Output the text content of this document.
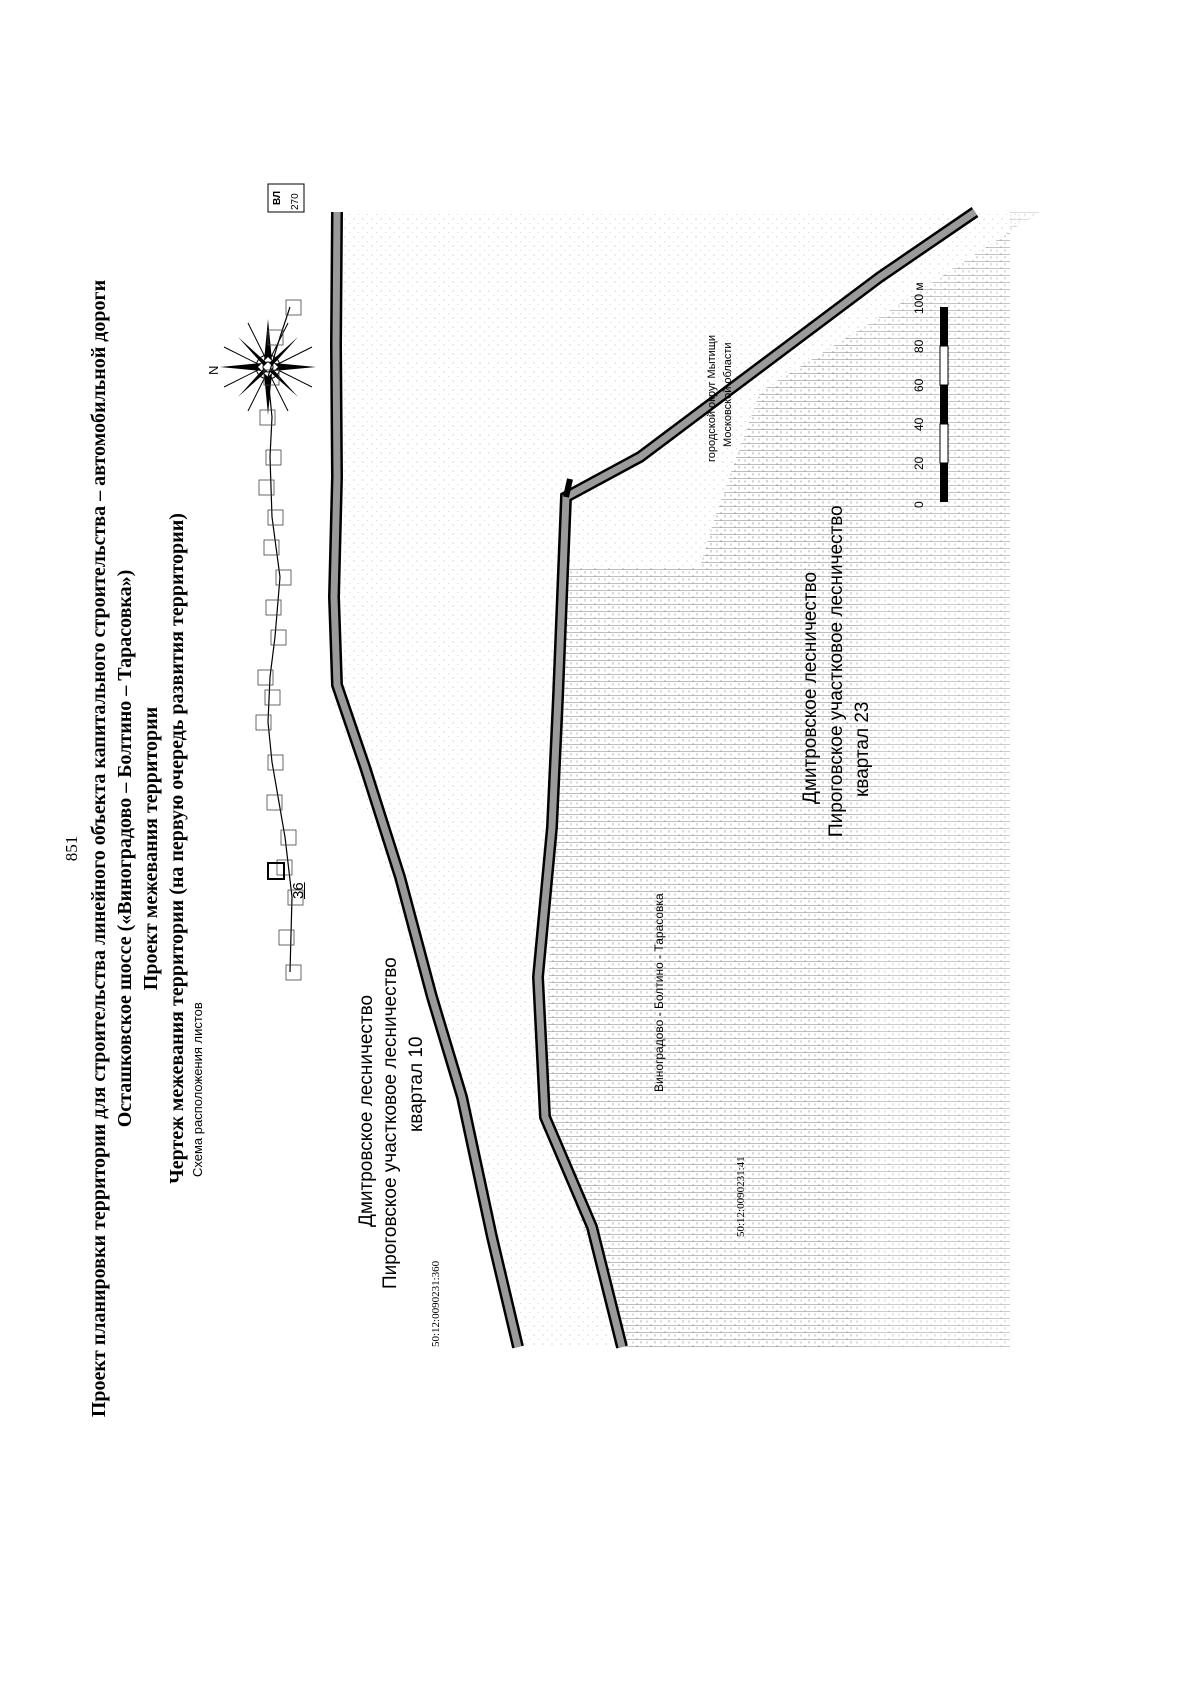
851 Проект планировки территории для строительства линейного объекта капитального строительства – автомобильной дороги Осташковское шоссе («Виноградово – Болтино – Тарасовка») Проект межевания территории Чертеж межевания территории (на первую очередь развития территории) Схема расположения листов
36
N
270
ВЛ
Дмитровское лесничество Пироговское участковое лесничество квартал 10	Виноградово - Болтино - Тарасовка
Дмитровское лесничество Пироговское участковое лесничество квартал 23
городской округ Мытищи Московской области
50:12:0090231:360
50:12:0090231:41
0
20
40
60
80
100 м
